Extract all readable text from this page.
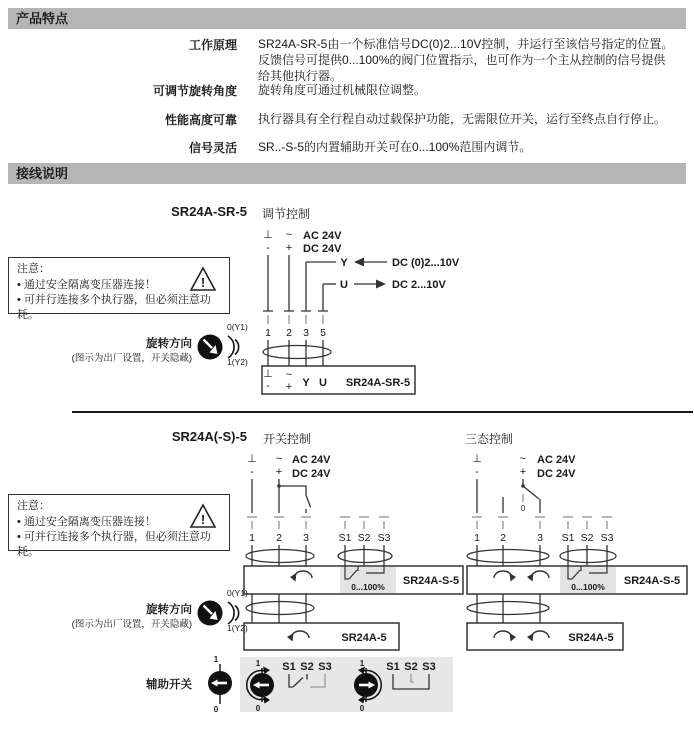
产品特点
工作原理 SR24A-SR-5由一个标准信号DC(0)2...10V控制，并运行至该信号指定的位置。反馈信号可提供0...100%的阀门位置指示，也可作为一个主从控制的信号提供给其他执行器。
可调节旋转角度 旋转角度可通过机械限位调整。
性能高度可靠 执行器具有全行程自动过载保护功能，无需限位开关，运行至终点自行停止。
信号灵活 SR..-S-5的内置辅助开关可在0...100%范围内调节。
接线说明
SR24A-SR-5 调节控制
注意：
• 通过安全隔离变压器连接！
• 可并行连接多个执行器，但必须注意功耗。
!
旋转方向
(图示为出厂设置，开关隐藏)
0(Y1)
1(Y2)
⊥ ~ AC 24V
- + DC 24V
Y	DC (0)2...10V
U	DC 2...10V
1 2 3 5
⊥
-
~
+ Y U SR24A-SR-5
SR24A(-S)-5 开关控制	三态控制
注意：
• 通过安全隔离变压器连接！
• 可并行连接多个执行器，但必须注意功耗。
!
⊥ ~ AC 24V
- + DC 24V
1 2 3	S1 S2 S3
0...100% SR24A-S-5
SR24A-5
⊥	~ AC 24V
-	+ DC 24V
0
1 2	3 S1 S2 S3
0...100% SR24A-S-5
SR24A-5
旋转方向
(图示为出厂设置，开关隐藏)
0(Y1)
1(Y2)
辅助开关
1
0
1
0
S1 S2 S3	1
0
S1 S2 S3
